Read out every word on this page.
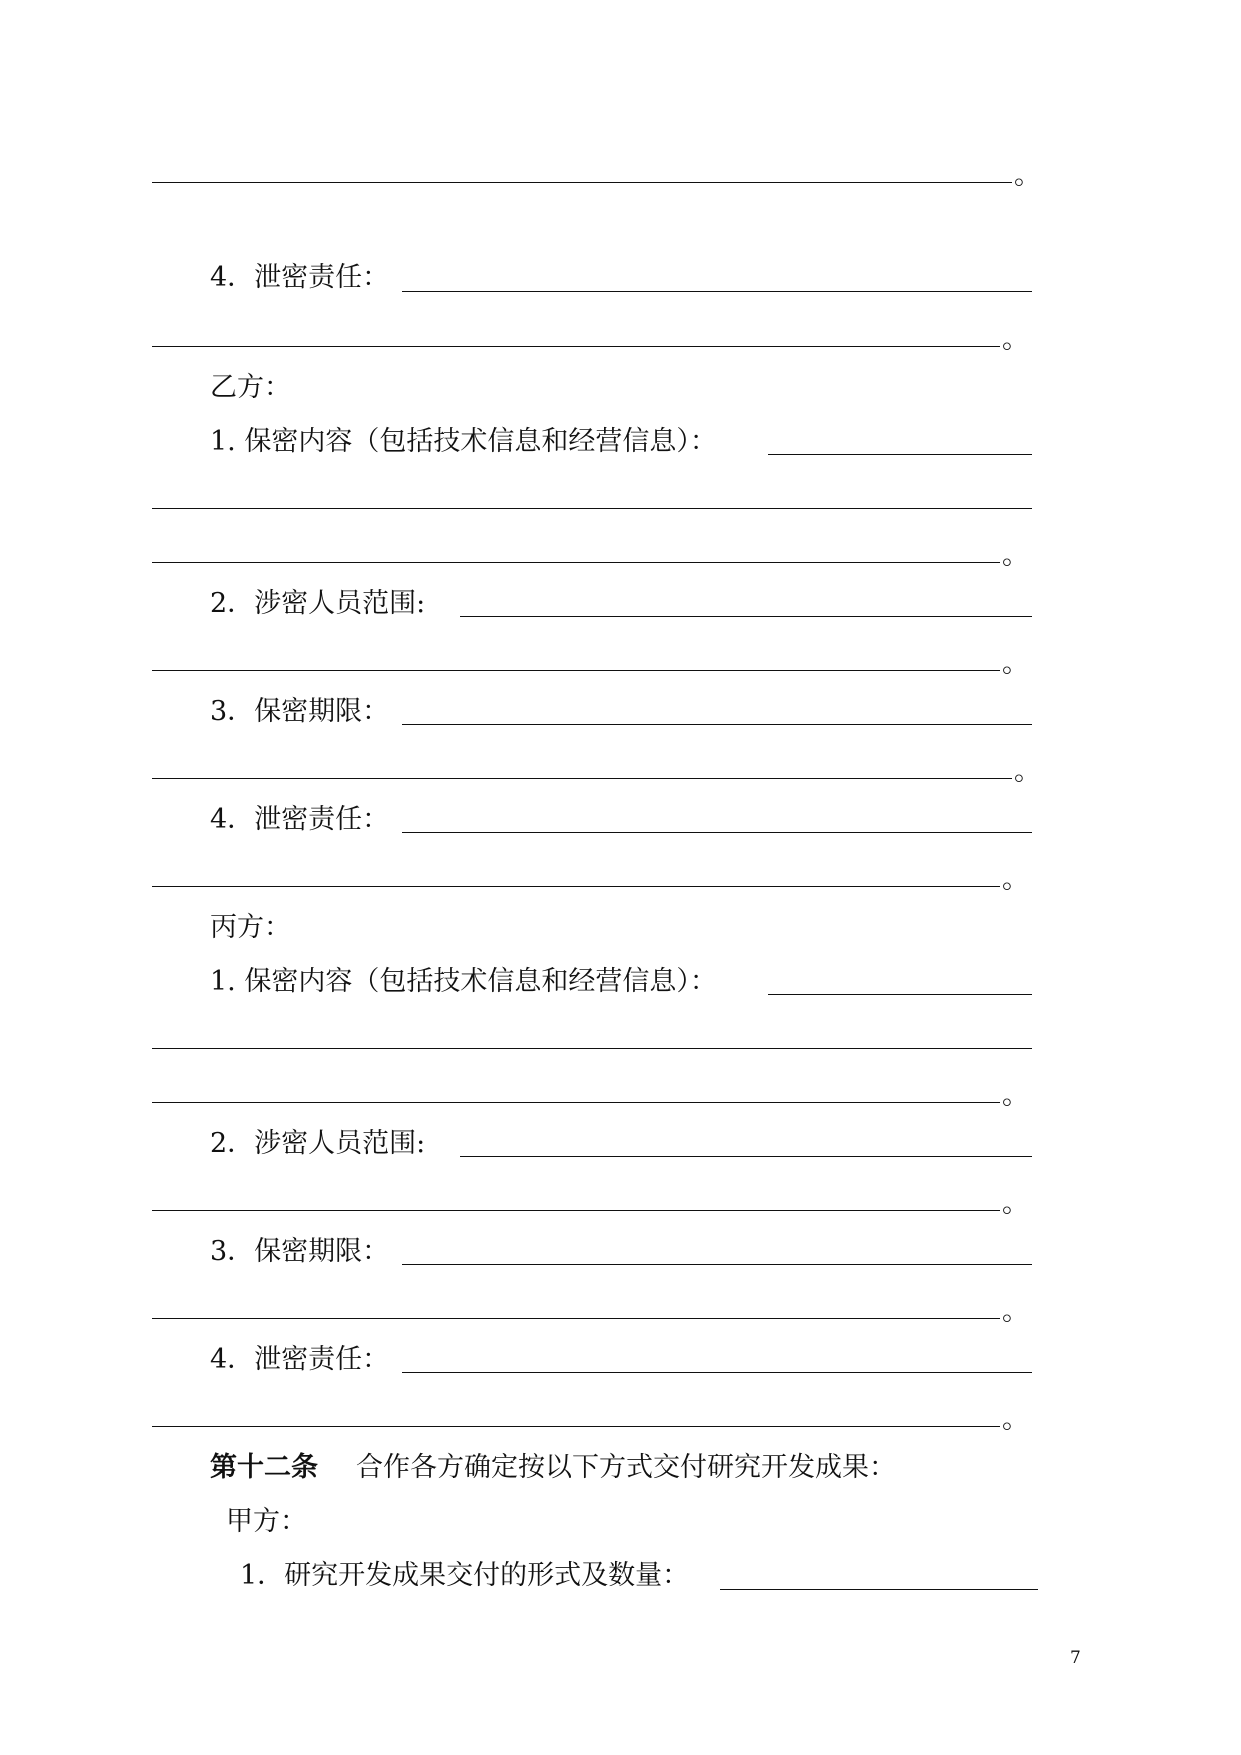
。
4．泄密责任：
。
乙方：
1. 保密内容（包括技术信息和经营信息）：
。
2．涉密人员范围:
。
3．保密期限：
。
4．泄密责任：
。
丙方：
1. 保密内容（包括技术信息和经营信息）：
。
2．涉密人员范围:
。
3．保密期限：
。
4．泄密责任：
。
第十二条 合作各方确定按以下方式交付研究开发成果：
甲方：
1．研究开发成果交付的形式及数量：
7
